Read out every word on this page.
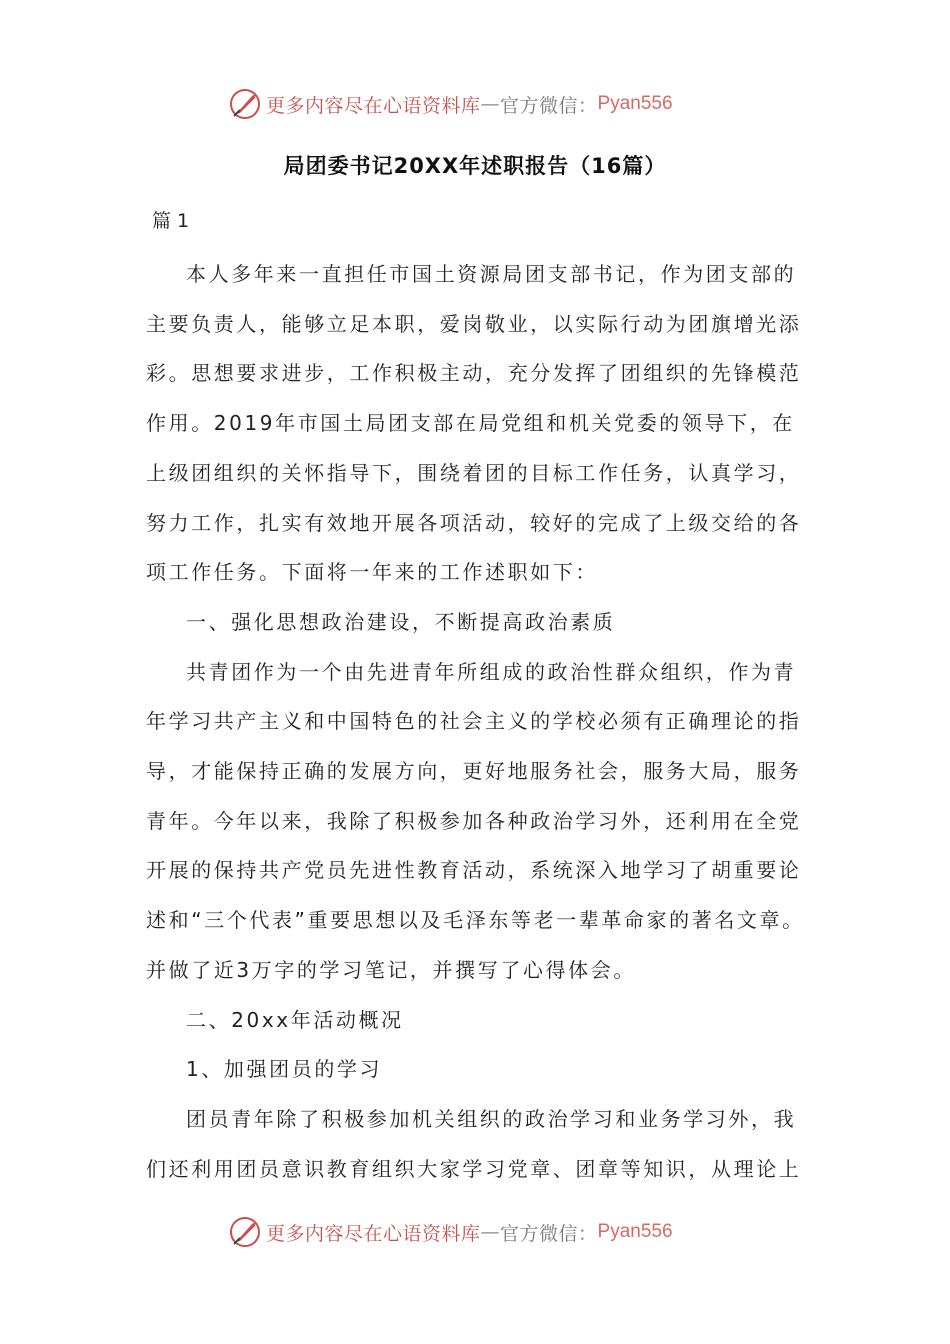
更多内容尽在心语资料库 — 官方微信： Pyan556
局团委书记20XX年述职报告（16篇）
篇 1

本人多年来一直担任市国土资源局团支部书记，作为团支部的主要负责人，能够立足本职，爱岗敬业，以实际行动为团旗增光添彩。思想要求进步，工作积极主动，充分发挥了团组织的先锋模范作用。2019年市国土局团支部在局党组和机关党委的领导下，在上级团组织的关怀指导下，围绕着团的目标工作任务，认真学习，努力工作，扎实有效地开展各项活动，较好的完成了上级交给的各项工作任务。下面将一年来的工作述职如下：

一、强化思想政治建设，不断提高政治素质

共青团作为一个由先进青年所组成的政治性群众组织，作为青年学习共产主义和中国特色的社会主义的学校必须有正确理论的指导，才能保持正确的发展方向，更好地服务社会，服务大局，服务青年。今年以来，我除了积极参加各种政治学习外，还利用在全党开展的保持共产党员先进性教育活动，系统深入地学习了胡重要论述和“三个代表”重要思想以及毛泽东等老一辈革命家的著名文章。并做了近3万字的学习笔记，并撰写了心得体会。

二、20xx年活动概况

1、加强团员的学习

团员青年除了积极参加机关组织的政治学习和业务学习外，我们还利用团员意识教育组织大家学习党章、团章等知识，从理论上

更多内容尽在心语资料库 — 官方微信： Pyan556
